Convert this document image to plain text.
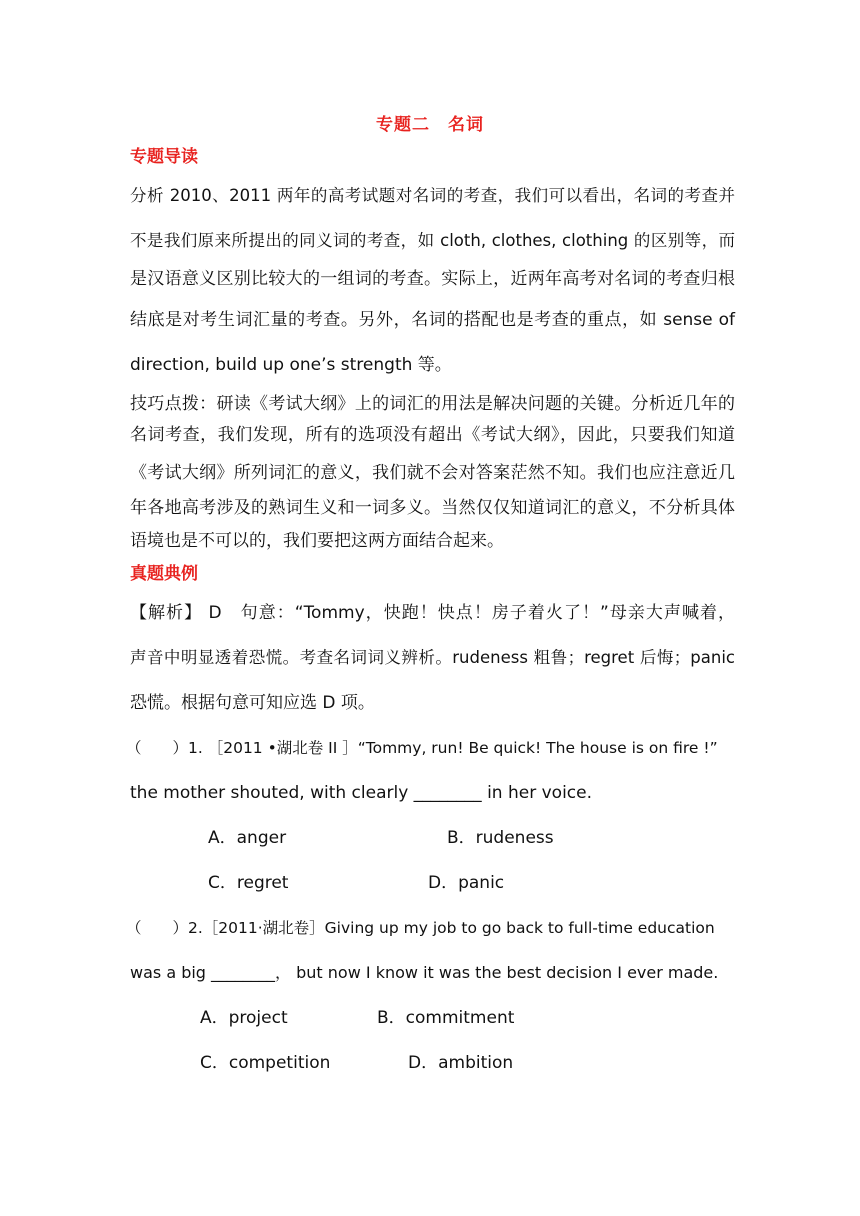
专题二　名词
专题导读
分析 2010、2011 两年的高考试题对名词的考查，我们可以看出，名词的考查并
不是我们原来所提出的同义词的考查，如 cloth, clothes, clothing 的区别等，而
是汉语意义区别比较大的一组词的考查。实际上，近两年高考对名词的考查归根
结底是对考生词汇量的考查。另外，名词的搭配也是考查的重点，如 sense of
direction, build up one’s strength 等。
技巧点拨：研读《考试大纲》上的词汇的用法是解决问题的关键。分析近几年的
名词考查，我们发现，所有的选项没有超出《考试大纲》，因此，只要我们知道
《考试大纲》所列词汇的意义，我们就不会对答案茫然不知。我们也应注意近几
年各地高考涉及的熟词生义和一词多义。当然仅仅知道词汇的意义，不分析具体
语境也是不可以的，我们要把这两方面结合起来。
真题典例
【解析】 D　句意：“Tommy，快跑！快点！房子着火了！”母亲大声喊着，
声音中明显透着恐慌。考查名词词义辨析。rudeness 粗鲁；regret 后悔；panic
恐慌。根据句意可知应选 D 项。
（　　）1. ［2011 •湖北卷 II ］“Tommy, run! Be quick! The house is on fire !”
the mother shouted, with clearly ________ in her voice.
A．anger	B．rudeness
C．regret	D．panic
（　　）2.［2011·湖北卷］Giving up my job to go back to full-time education
was a big ________， but now I know it was the best decision I ever made.
A．project	B．commitment
C．competition	D．ambition
